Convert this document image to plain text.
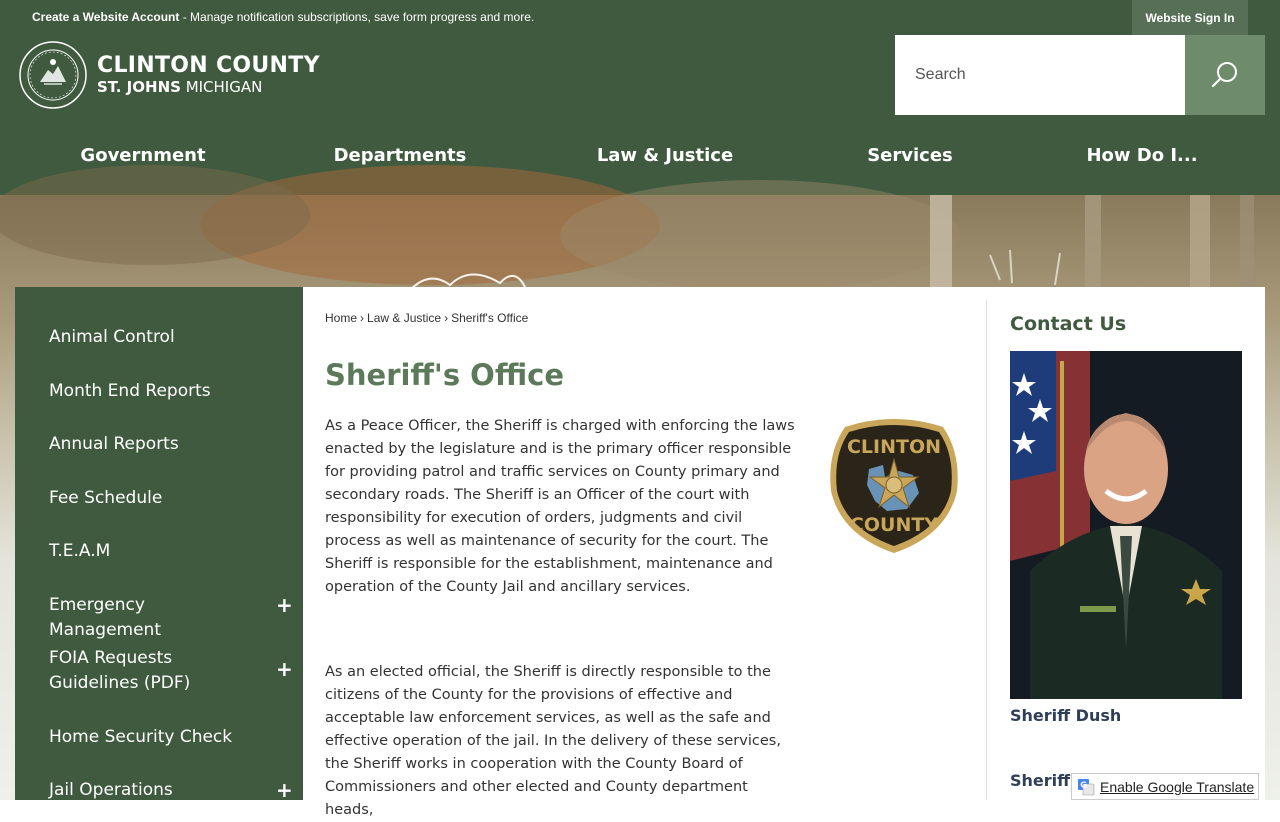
Create a Website Account - Manage notification subscriptions, save form progress and more.	Website Sign In
CLINTON COUNTY
ST. JOHNS MICHIGAN
Search
Government	Departments	Law & Justice	Services	How Do I...
Animal Control
Month End Reports
Annual Reports
Fee Schedule
T.E.A.M
Emergency Management
+
FOIA Requests Guidelines (PDF)
+
Home Security Check
Jail Operations	+
Home › Law & Justice › Sheriff's Office
Sheriff's Office

As a Peace Officer, the Sheriff is charged with enforcing the laws enacted by the legislature and is the primary officer responsible for providing patrol and traffic services on County primary and secondary roads. The Sheriff is an Officer of the court with responsibility for execution of orders, judgments and civil process as well as maintenance of security for the court. The Sheriff is responsible for the establishment, maintenance and operation of the County Jail and ancillary services.

CLINTON
COUNTY

As an elected official, the Sheriff is directly responsible to the citizens of the County for the provisions of effective and acceptable law enforcement services, as well as the safe and effective operation of the jail. In the delivery of these services, the Sheriff works in cooperation with the County Board of Commissioners and other elected and County department heads,

Contact Us
Sheriff Dush
Sheriff G Enable Google Translate
